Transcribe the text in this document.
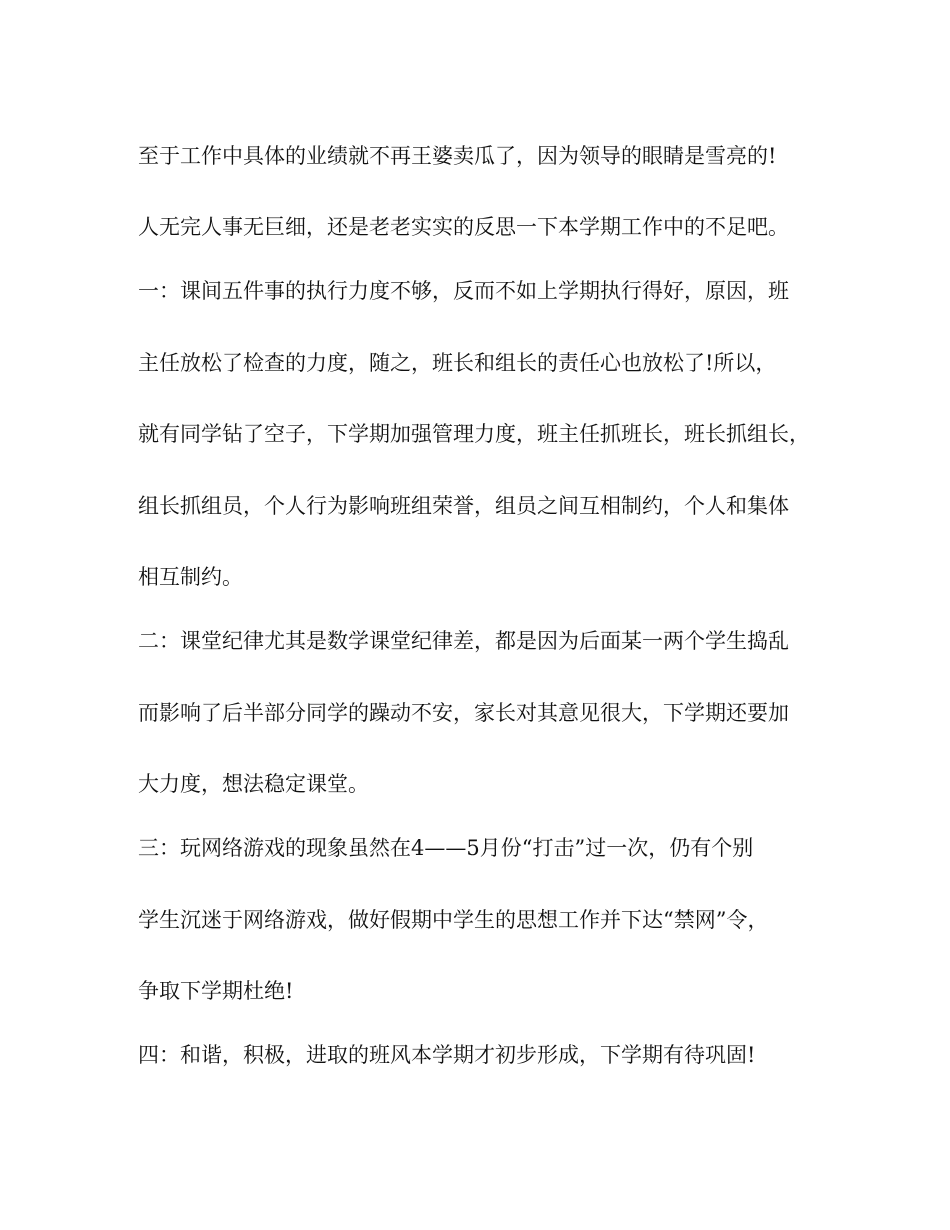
至于工作中具体的业绩就不再王婆卖瓜了，因为领导的眼睛是雪亮的!

人无完人事无巨细，还是老老实实的反思一下本学期工作中的不足吧。

一：课间五件事的执行力度不够，反而不如上学期执行得好，原因，班

主任放松了检查的力度，随之，班长和组长的责任心也放松了!所以，

就有同学钻了空子，下学期加强管理力度，班主任抓班长，班长抓组长，

组长抓组员，个人行为影响班组荣誉，组员之间互相制约，个人和集体

相互制约。

二：课堂纪律尤其是数学课堂纪律差，都是因为后面某一两个学生捣乱

而影响了后半部分同学的躁动不安，家长对其意见很大，下学期还要加

大力度，想法稳定课堂。

三：玩网络游戏的现象虽然在4——5月份“打击”过一次，仍有个别

学生沉迷于网络游戏，做好假期中学生的思想工作并下达“禁网”令，

争取下学期杜绝!

四：和谐，积极，进取的班风本学期才初步形成，下学期有待巩固!
